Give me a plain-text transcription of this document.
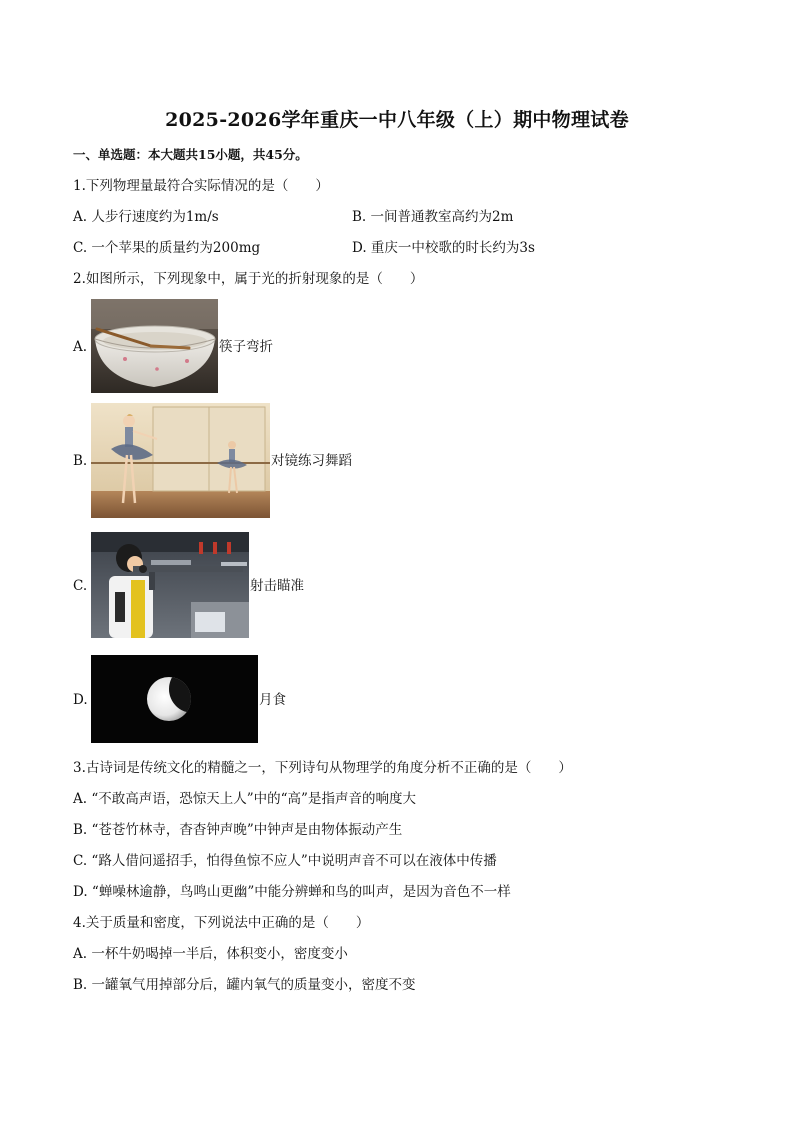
2025-2026学年重庆一中八年级（上）期中物理试卷
一、单选题：本大题共15小题，共45分。
1.下列物理量最符合实际情况的是（　　）
A. 人步行速度约为1m/s	B. 一间普通教室高约为2m
C. 一个苹果的质量约为200mg	D. 重庆一中校歌的时长约为3s
2.如图所示，下列现象中，属于光的折射现象的是（　　）
A.	筷子弯折
B.	对镜练习舞蹈
C.	射击瞄准
D.	月食
3.古诗词是传统文化的精髓之一，下列诗句从物理学的角度分析不正确的是（　　）
A. “不敢高声语，恐惊天上人”中的“高”是指声音的响度大
B. “苍苍竹林寺，杳杳钟声晚”中钟声是由物体振动产生
C. “路人借问遥招手，怕得鱼惊不应人”中说明声音不可以在液体中传播
D. “蝉噪林逾静，鸟鸣山更幽”中能分辨蝉和鸟的叫声，是因为音色不一样
4.关于质量和密度，下列说法中正确的是（　　）
A. 一杯牛奶喝掉一半后，体积变小，密度变小
B. 一罐氧气用掉部分后，罐内氧气的质量变小，密度不变
